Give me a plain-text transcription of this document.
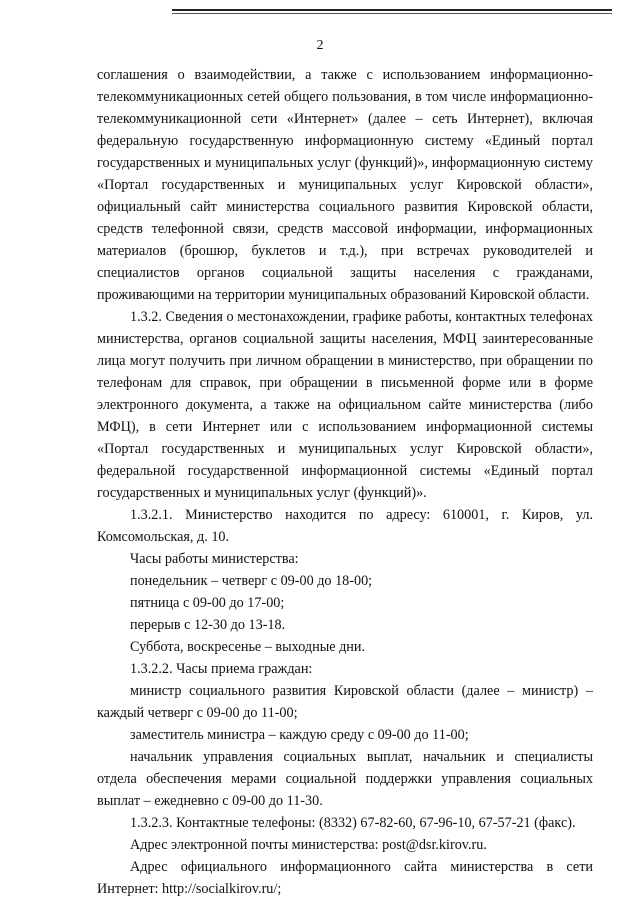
2

соглашения о взаимодействии, а также с использованием информационно-телекоммуникационных сетей общего пользования, в том числе информационно-телекоммуникационной сети «Интернет» (далее – сеть Интернет), включая федеральную государственную информационную систему «Единый портал государственных и муниципальных услуг (функций)», информационную систему «Портал государственных и муниципальных услуг Кировской области», официальный сайт министерства социального развития Кировской области, средств телефонной связи, средств массовой информации, информационных материалов (брошюр, буклетов и т.д.), при встречах руководителей и специалистов органов социальной защиты населения с гражданами, проживающими на территории муниципальных образований Кировской области.

1.3.2. Сведения о местонахождении, графике работы, контактных телефонах министерства, органов социальной защиты населения, МФЦ заинтересованные лица могут получить при личном обращении в министерство, при обращении по телефонам для справок, при обращении в письменной форме или в форме электронного документа, а также на официальном сайте министерства (либо МФЦ), в сети Интернет или с использованием информационной системы «Портал государственных и муниципальных услуг Кировской области», федеральной государственной информационной системы «Единый портал государственных и муниципальных услуг (функций)».

1.3.2.1. Министерство находится по адресу: 610001, г. Киров, ул. Комсомольская, д. 10.

Часы работы министерства:

понедельник – четверг с 09-00 до 18-00;

пятница с 09-00 до 17-00;

перерыв с 12-30 до 13-18.

Суббота, воскресенье – выходные дни.

1.3.2.2. Часы приема граждан:

министр социального развития Кировской области (далее – министр) – каждый четверг с 09-00 до 11-00;

заместитель министра – каждую среду с 09-00 до 11-00;

начальник управления социальных выплат, начальник и специалисты отдела обеспечения мерами социальной поддержки управления социальных выплат – ежедневно с 09-00 до 11-30.

1.3.2.3. Контактные телефоны: (8332) 67-82-60, 67-96-10, 67-57-21 (факс).

Адрес электронной почты министерства: post@dsr.kirov.ru.

Адрес официального информационного сайта министерства в сети Интернет: http://socialkirov.ru/;
